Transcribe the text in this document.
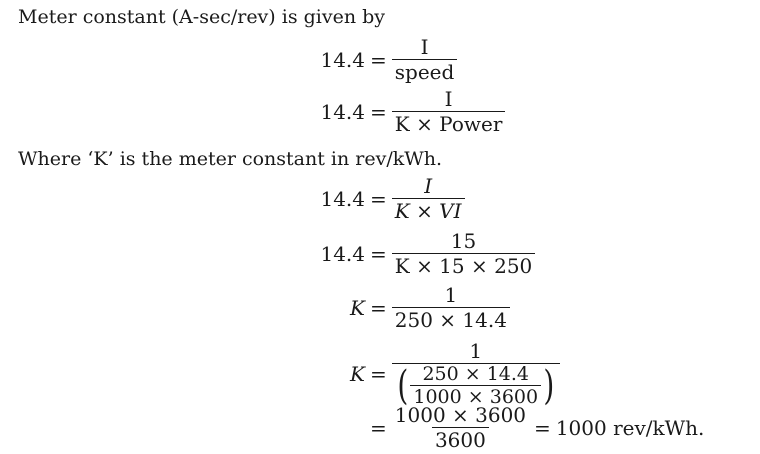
Meter constant (A-sec/rev) is given by
$14.4 = \frac{I}{\text{speed}}$
$14.4 = \frac{I}{\text{K × Power}}$
Where ‘K’ is the meter constant in rev/kWh.
$14.4 = \frac{I}{K \times VI}$
$14.4 = \frac{15}{K \times 15 \times 250}$
$K = \frac{1}{250 \times 14.4}$
K =
1
( $\frac{250 \times 14.4}{1000 \times 3600}$ )
= $\frac{1000 \times 3600}{3600} = 1000$ rev/kWh.
